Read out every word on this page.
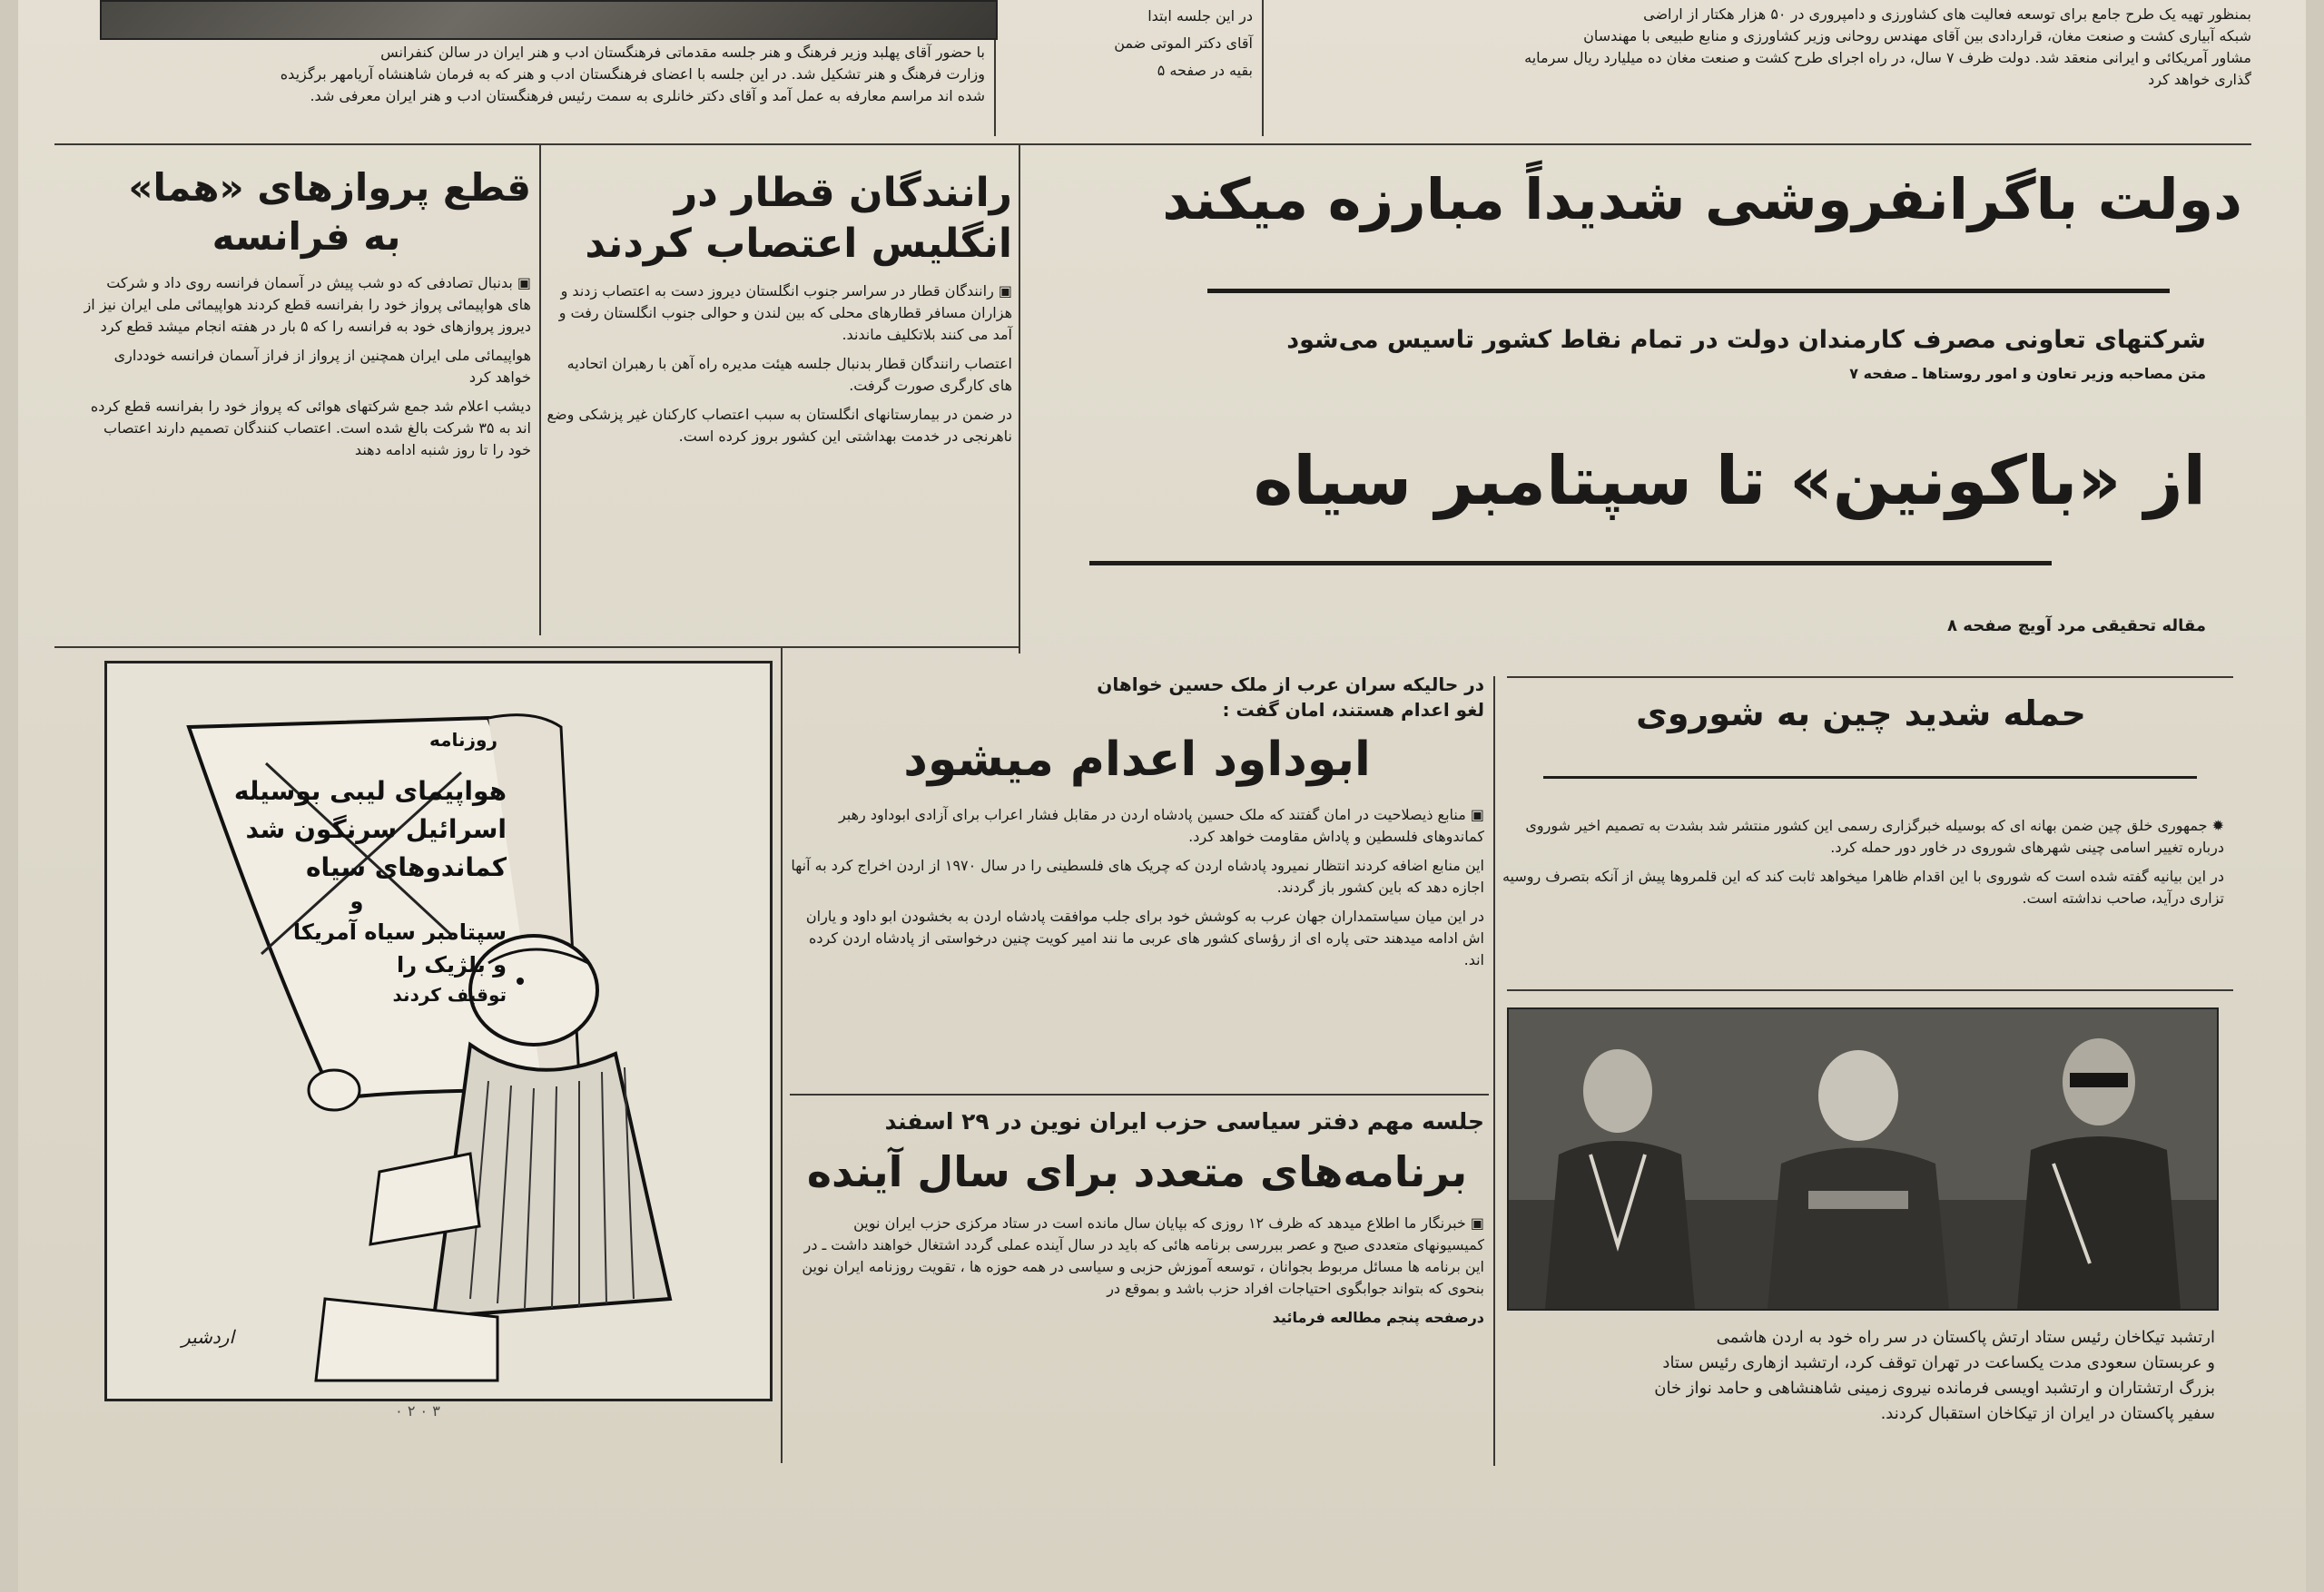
بمنظور تهیه یک طرح جامع برای توسعه فعالیت های کشاورزی و دامپروری در ۵۰ هزار هکتار از اراضی

شبکه آبیاری کشت و صنعت مغان، قراردادی بین آقای مهندس روحانی وزیر کشاورزی و منابع طبیعی با مهندسان

مشاور آمریکائی و ایرانی منعقد شد. دولت ظرف ۷ سال، در راه اجرای طرح کشت و صنعت مغان ده میلیارد ریال سرمایه

گذاری خواهد کرد

در این جلسه ابتدا

آقای دکتر الموتی ضمن

بقیه در صفحه ۵

با حضور آقای پهلبد وزیر فرهنگ و هنر جلسه مقدماتی فرهنگستان ادب و هنر ایران در سالن کنفرانس

وزارت فرهنگ و هنر تشکیل شد. در این جلسه با اعضای فرهنگستان ادب و هنر که به فرمان شاهنشاه آریامهر برگزیده

شده اند مراسم معارفه به عمل آمد و آقای دکتر خانلری به سمت رئیس فرهنگستان ادب و هنر ایران معرفی شد.

دولت باگرانفروشی شدیداً مبارزه میکند
شرکتهای تعاونی مصرف کارمندان دولت در تمام نقاط کشور تاسیس می‌شود

متن مصاحبه وزیر تعاون و امور روستاها ـ صفحه ۷

از «باکونین» تا سپتامبر سیاه

مقاله تحقیقی مرد آویچ صفحه ۸

رانندگان قطار در
انگلیس اعتصاب کردند

▣ رانندگان قطار در سراسر جنوب انگلستان دیروز دست به اعتصاب زدند و هزاران مسافر قطارهای محلی که بین لندن و حوالی جنوب انگلستان رفت و آمد می کنند بلاتکلیف ماندند.

اعتصاب رانندگان قطار بدنبال جلسه هیئت مدیره راه آهن با رهبران اتحادیه های کارگری صورت گرفت.

در ضمن در بیمارستانهای انگلستان به سبب اعتصاب کارکنان غیر پزشکی وضع ناهرنجی در خدمت بهداشتی این کشور بروز کرده است.

قطع پروازهای «هما»
به فرانسه

▣ بدنبال تصادفی که دو شب پیش در آسمان فرانسه روی داد و شرکت های هواپیمائی پرواز خود را بفرانسه قطع کردند هواپیمائی ملی ایران نیز از دیروز پروازهای خود به فرانسه را که ۵ بار در هفته انجام میشد قطع کرد

هواپیمائی ملی ایران همچنین از پرواز از فراز آسمان فرانسه خودداری خواهد کرد

دیشب اعلام شد جمع شرکتهای هوائی که پرواز خود را بفرانسه قطع کرده اند به ۳۵ شرکت بالغ شده است. اعتصاب کنندگان تصمیم دارند اعتصاب خود را تا روز شنبه ادامه دهند

حمله شدید چین به شوروی

✹ جمهوری خلق چین ضمن بهانه ای که بوسیله خبرگزاری رسمی این کشور منتشر شد بشدت به تصمیم اخیر شوروی درباره تغییر اسامی چینی شهرهای شوروی در خاور دور حمله کرد.

در این بیانیه گفته شده است که شوروی با این اقدام ظاهرا میخواهد ثابت کند که این قلمروها پیش از آنکه بتصرف روسیه تزاری درآید، صاحب نداشته است.

ارتشبد تیکاخان رئیس ستاد ارتش پاکستان در سر راه خود به اردن هاشمی
و عربستان سعودی مدت یکساعت در تهران توقف کرد، ارتشبد ازهاری رئیس ستاد
بزرگ ارتشتاران و ارتشبد اویسی فرمانده نیروی زمینی شاهنشاهی و حامد نواز خان
سفیر پاکستان در ایران از تیکاخان استقبال کردند.

در حالیکه سران عرب از ملک حسین خواهان

لغو اعدام هستند، امان گفت :

ابوداود اعدام میشود

▣ منابع ذیصلاحیت در امان گفتند که ملک حسین پادشاه اردن در مقابل فشار اعراب برای آزادی ابوداود رهبر کماندوهای فلسطین و پاداش مقاومت خواهد کرد.

این منابع اضافه کردند انتظار نمیرود پادشاه اردن که چریک های فلسطینی را در سال ۱۹۷۰ از اردن اخراج کرد به آنها اجازه دهد که باین کشور باز گردند.

در این میان سیاستمداران جهان عرب به کوشش خود برای جلب موافقت پادشاه اردن به بخشودن ابو داود و یاران اش ادامه میدهند حتی پاره ای از رؤسای کشور های عربی ما نند امیر کویت چنین درخواستی از پادشاه اردن کرده اند.

جلسه مهم دفتر سیاسی حزب ایران نوین در ۲۹ اسفند

برنامه‌های متعدد برای سال آینده

▣ خبرنگار ما اطلاع میدهد که ظرف ۱۲ روزی که بپایان سال مانده است در ستاد مرکزی حزب ایران نوین کمیسیونهای متعددی صبح و عصر ببررسی برنامه هائی که باید در سال آینده عملی گردد اشتغال خواهند داشت ـ در این برنامه ها مسائل مربوط بجوانان ، توسعه آموزش حزبی و سیاسی در همه حوزه ها ، تقویت روزنامه ایران نوین بنحوی که بتواند جوابگوی احتیاجات افراد حزب باشد و بموقع در

درصفحه پنجم مطالعه فرمائید

روزنامه
هواپیمای لیبی بوسیله
اسرائیل سرنگون شد
کماندوهای سیاه
و
سپتامبر سیاه آمریکا
و بلژیک را
توقیف کردند
اردشیر
۳ ۰ ۲ ۰
